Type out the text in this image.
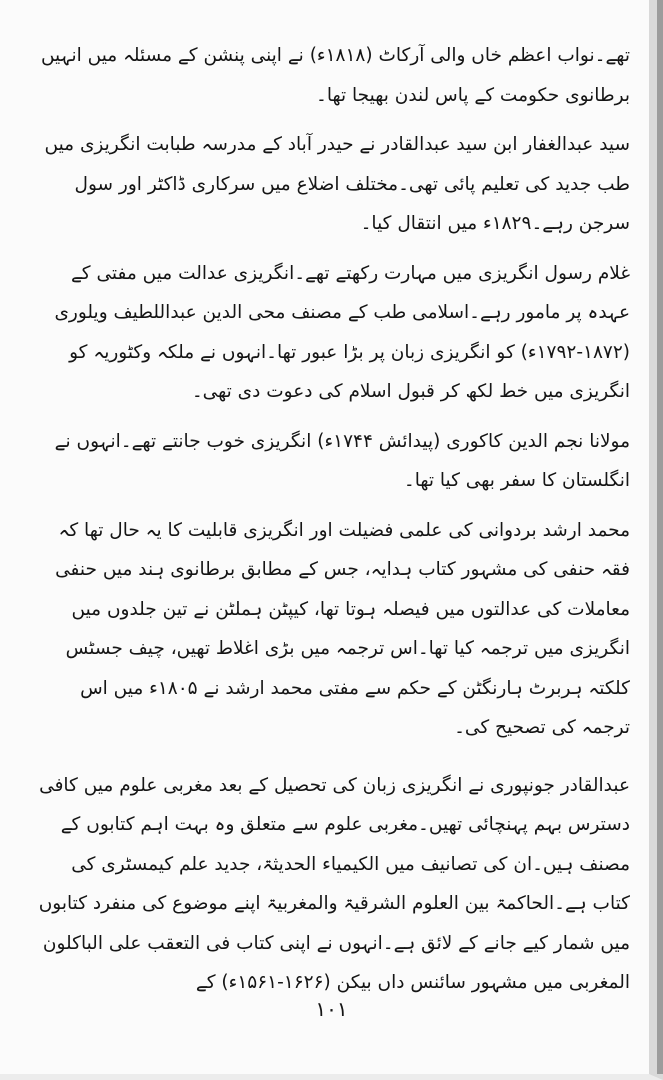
تھے۔نواب اعظم خاں والی آرکاٹ (۱۸۱۸ء) نے اپنی پنشن کے مسئلہ میں انہیں برطانوی حکومت کے پاس لندن بھیجا تھا۔

سید عبدالغفار ابن سید عبدالقادر نے حیدر آباد کے مدرسہ طبابت انگریزی میں طب جدید کی تعلیم پائی تھی۔مختلف اضلاع میں سرکاری ڈاکٹر اور سول سرجن رہے۔۱۸۲۹ء میں انتقال کیا۔

غلام رسول انگریزی میں مہارت رکھتے تھے۔انگریزی عدالت میں مفتی کے عہدہ پر مامور رہے۔اسلامی طب کے مصنف محی الدین عبداللطیف ویلوری (۱۸۷۲-۱۷۹۲ء) کو انگریزی زبان پر بڑا عبور تھا۔انہوں نے ملکہ وکٹوریہ کو انگریزی میں خط لکھ کر قبول اسلام کی دعوت دی تھی۔

مولانا نجم الدین کاکوری (پیدائش ۱۷۴۴ء) انگریزی خوب جانتے تھے۔انہوں نے انگلستان کا سفر بھی کیا تھا۔

محمد ارشد بردوانی کی علمی فضیلت اور انگریزی قابلیت کا یہ حال تھا کہ فقہ حنفی کی مشہور کتاب ہدایہ، جس کے مطابق برطانوی ہند میں حنفی معاملات کی عدالتوں میں فیصلہ ہوتا تھا، کیپٹن ہملٹن نے تین جلدوں میں انگریزی میں ترجمہ کیا تھا۔اس ترجمہ میں بڑی اغلاط تھیں، چیف جسٹس کلکتہ ہربرٹ ہارنگٹن کے حکم سے مفتی محمد ارشد نے ۱۸۰۵ء میں اس ترجمہ کی تصحیح کی۔

عبدالقادر جونپوری نے انگریزی زبان کی تحصیل کے بعد مغربی علوم میں کافی دسترس بہم پہنچائی تھیں۔مغربی علوم سے متعلق وہ بہت اہم کتابوں کے مصنف ہیں۔ان کی تصانیف میں الکیمیاء الحدیثۃ، جدید علم کیمسٹری کی کتاب ہے۔الحاکمۃ بین العلوم الشرقیۃ والمغربیۃ اپنے موضوع کی منفرد کتابوں میں شمار کیے جانے کے لائق ہے۔انہوں نے اپنی کتاب فی التعقب علی الباکلون المغربی میں مشہور سائنس داں بیکن (۱۶۲۶-۱۵۶۱ء) کے

۱۰۱
